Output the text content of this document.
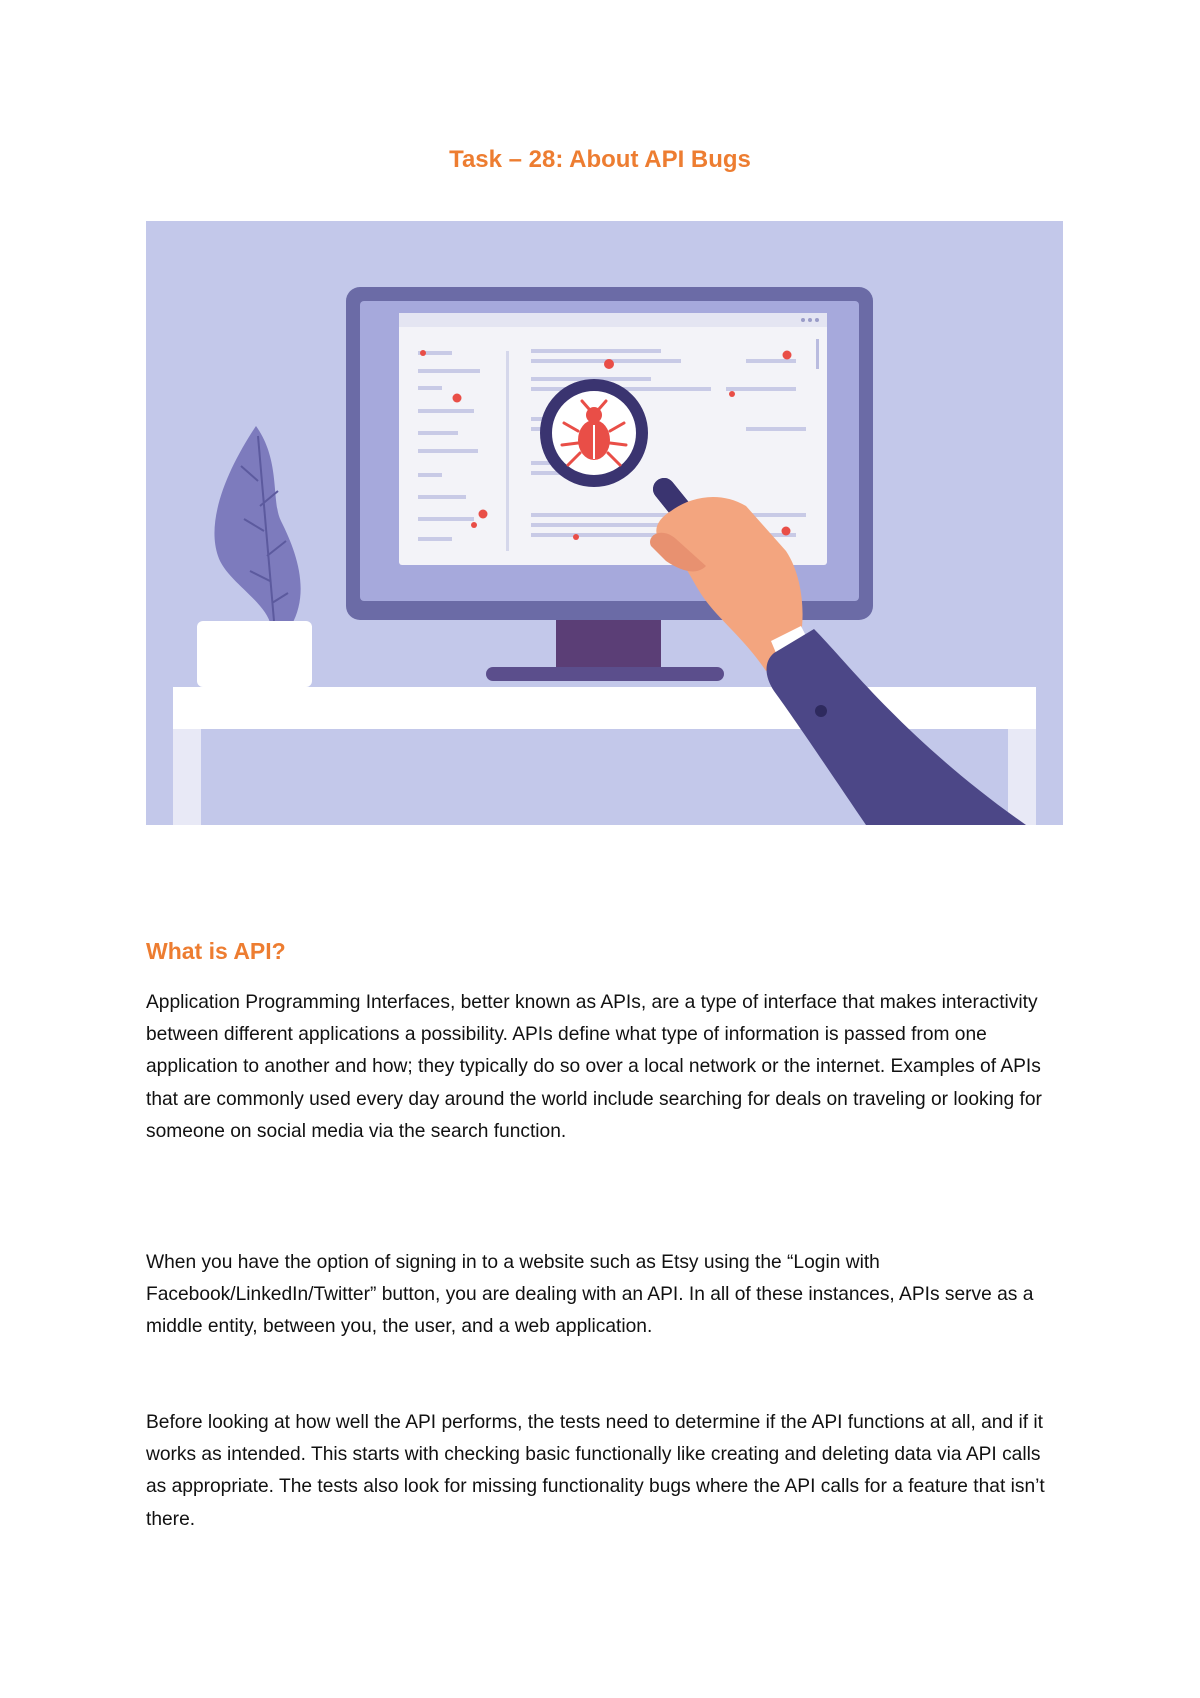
Task – 28: About API Bugs
What is API?

Application Programming Interfaces, better known as APIs, are a type of interface that makes interactivity between different applications a possibility. APIs define what type of information is passed from one application to another and how; they typically do so over a local network or the internet. Examples of APIs that are commonly used every day around the world include searching for deals on traveling or looking for someone on social media via the search function.

When you have the option of signing in to a website such as Etsy using the “Login with Facebook/LinkedIn/Twitter” button, you are dealing with an API. In all of these instances, APIs serve as a middle entity, between you, the user, and a web application.

Before looking at how well the API performs, the tests need to determine if the API functions at all, and if it works as intended. This starts with checking basic functionally like creating and deleting data via API calls as appropriate. The tests also look for missing functionality bugs where the API calls for a feature that isn’t there.
